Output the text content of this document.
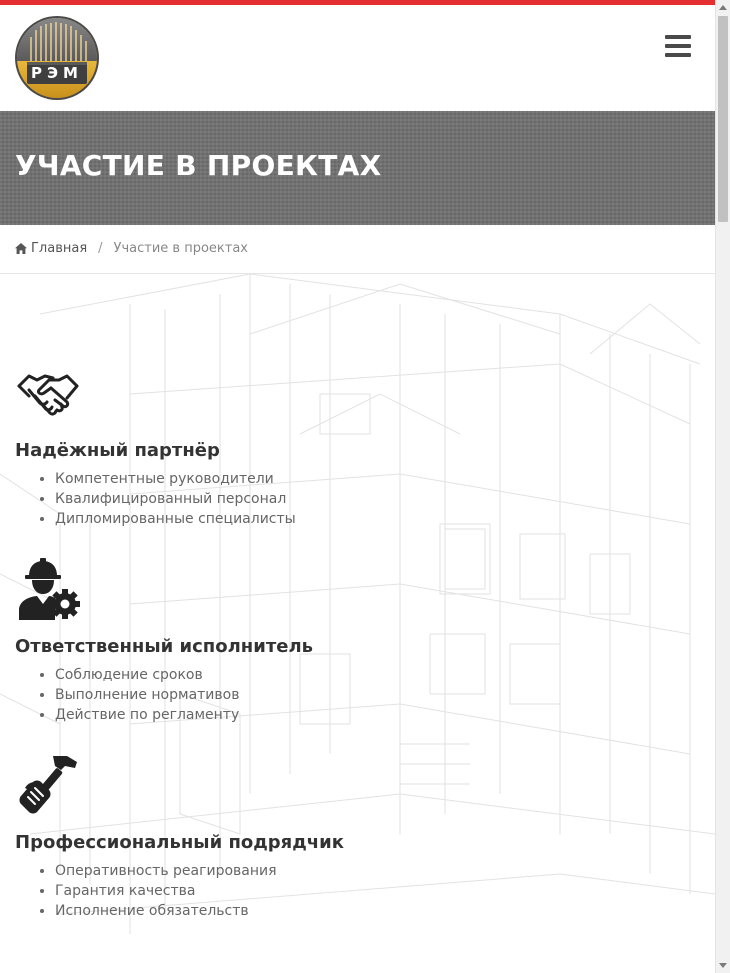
РЭМ
УЧАСТИЕ В ПРОЕКТАХ
Главная / Участие в проектах
Надёжный партнёр
• Компетентные руководители
• Квалифицированный персонал
• Дипломированные специалисты
Ответственный исполнитель
• Соблюдение сроков
• Выполнение нормативов
• Действие по регламенту
Профессиональный подрядчик
• Оперативность реагирования
• Гарантия качества
• Исполнение обязательств
